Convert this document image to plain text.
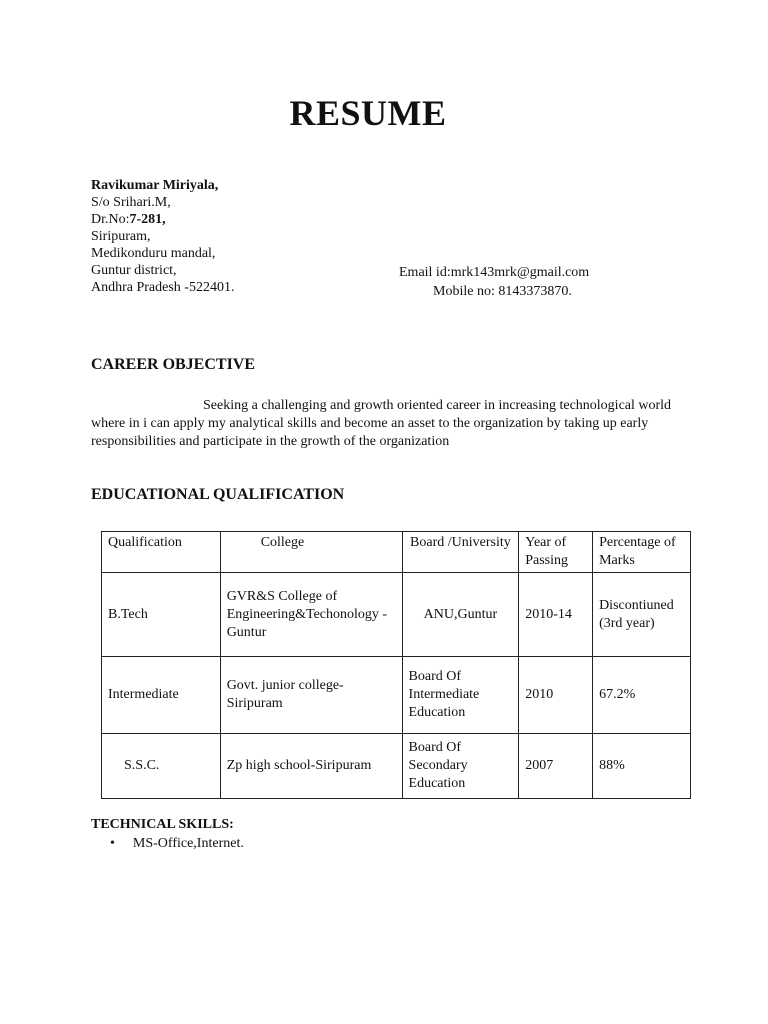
RESUME
Ravikumar Miriyala,
S/o Srihari.M,
Dr.No:7-281,
Siripuram,
Medikonduru mandal,
Guntur district,
Andhra Pradesh -522401.
Email id:mrk143mrk@gmail.com
Mobile no: 8143373870.
CAREER OBJECTIVE
Seeking a challenging and growth oriented career in increasing technological world where in i can apply my analytical skills and become an asset to the organization by taking up early responsibilities and participate in the growth of the organization
EDUCATIONAL QUALIFICATION
Qualification	College	Board /University	Year of Passing	Percentage of Marks
B.Tech	GVR&S College of Engineering&Techonology -Guntur	ANU,Guntur	2010-14	Discontiuned (3rd year)
Intermediate	Govt. junior college-Siripuram	Board Of Intermediate Education	2010	67.2%
S.S.C.	Zp high school-Siripuram	Board Of Secondary Education	2007	88%
TECHNICAL SKILLS:
• MS-Office,Internet.
